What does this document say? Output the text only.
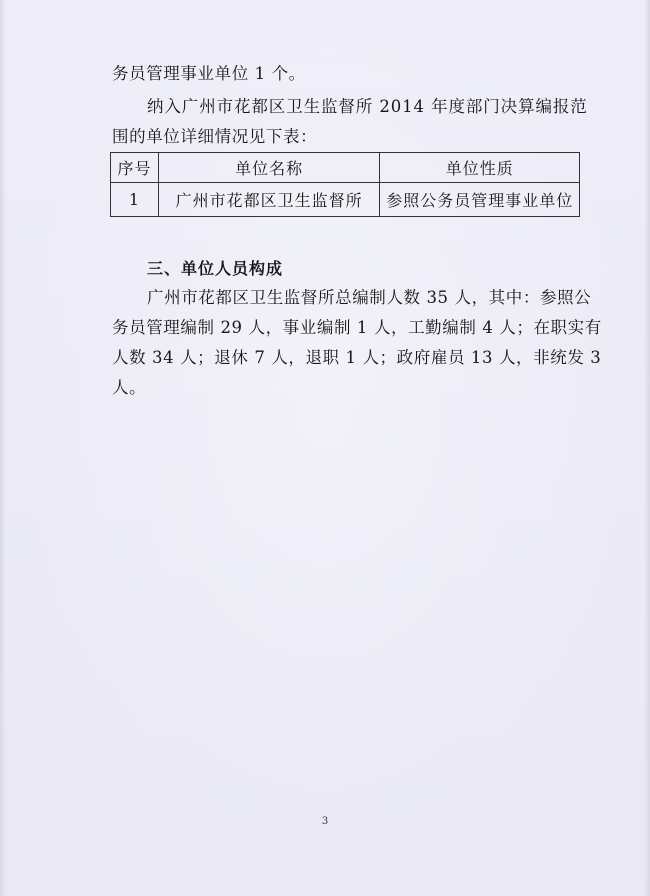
务员管理事业单位 1 个。
纳入广州市花都区卫生监督所 2014 年度部门决算编报范
围的单位详细情况见下表：
序号	单位名称	单位性质
1	广州市花都区卫生监督所	参照公务员管理事业单位
三、单位人员构成
广州市花都区卫生监督所总编制人数 35 人，其中：参照公
务员管理编制 29 人，事业编制 1 人，工勤编制 4 人；在职实有
人数 34 人；退休 7 人，退职 1 人；政府雇员 13 人，非统发 3
人。
3
